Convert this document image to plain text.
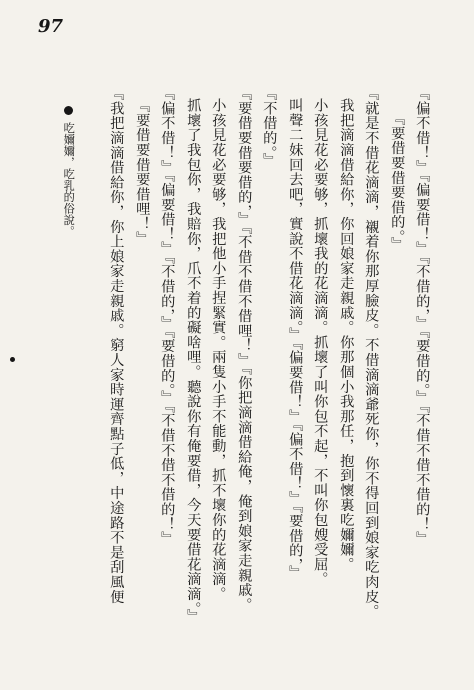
97
『偏不借！』『偏要借！』『不借的，』『要借的。』『不借不借不借的！』
『要借要借要借的。』
『就是不借花滴滴，襯着你那厚臉皮。不借滴滴爺死你，你不得回到娘家吃肉皮。
我把滴滴借給你，你回娘家走親戚。你那個小我那任，抱到懷裏吃嬭嬭。
小孩見花必要够，抓壞我的花滴滴。抓壞了叫你包不起，不叫你包嫂受屈。
叫聲二妹回去吧，實說不借花滴滴。』『偏要借！』『偏不借！』『要借的，』
『不借的。』
『要借要借要借的，』『不借不借不借哩！』『你把滴滴借給俺，俺到娘家走親戚。
小孩見花必要够，我把他小手捏緊實。兩隻小手不能動，抓不壞你的花滴滴。
抓壞了我包你，我賠你，爪不着的礙啥哩。聽說你有俺要借，今天要借花滴滴。』
『偏不借！』『偏要借！』『不借的，』『要借的。』『不借不借不借的！』
『要借要借要借哩！』
『我把滴滴借給你，你上娘家走親戚。窮人家時運齊點子低，中途路不是刮風便
吃嬭嬭，吃乳的俗說。
